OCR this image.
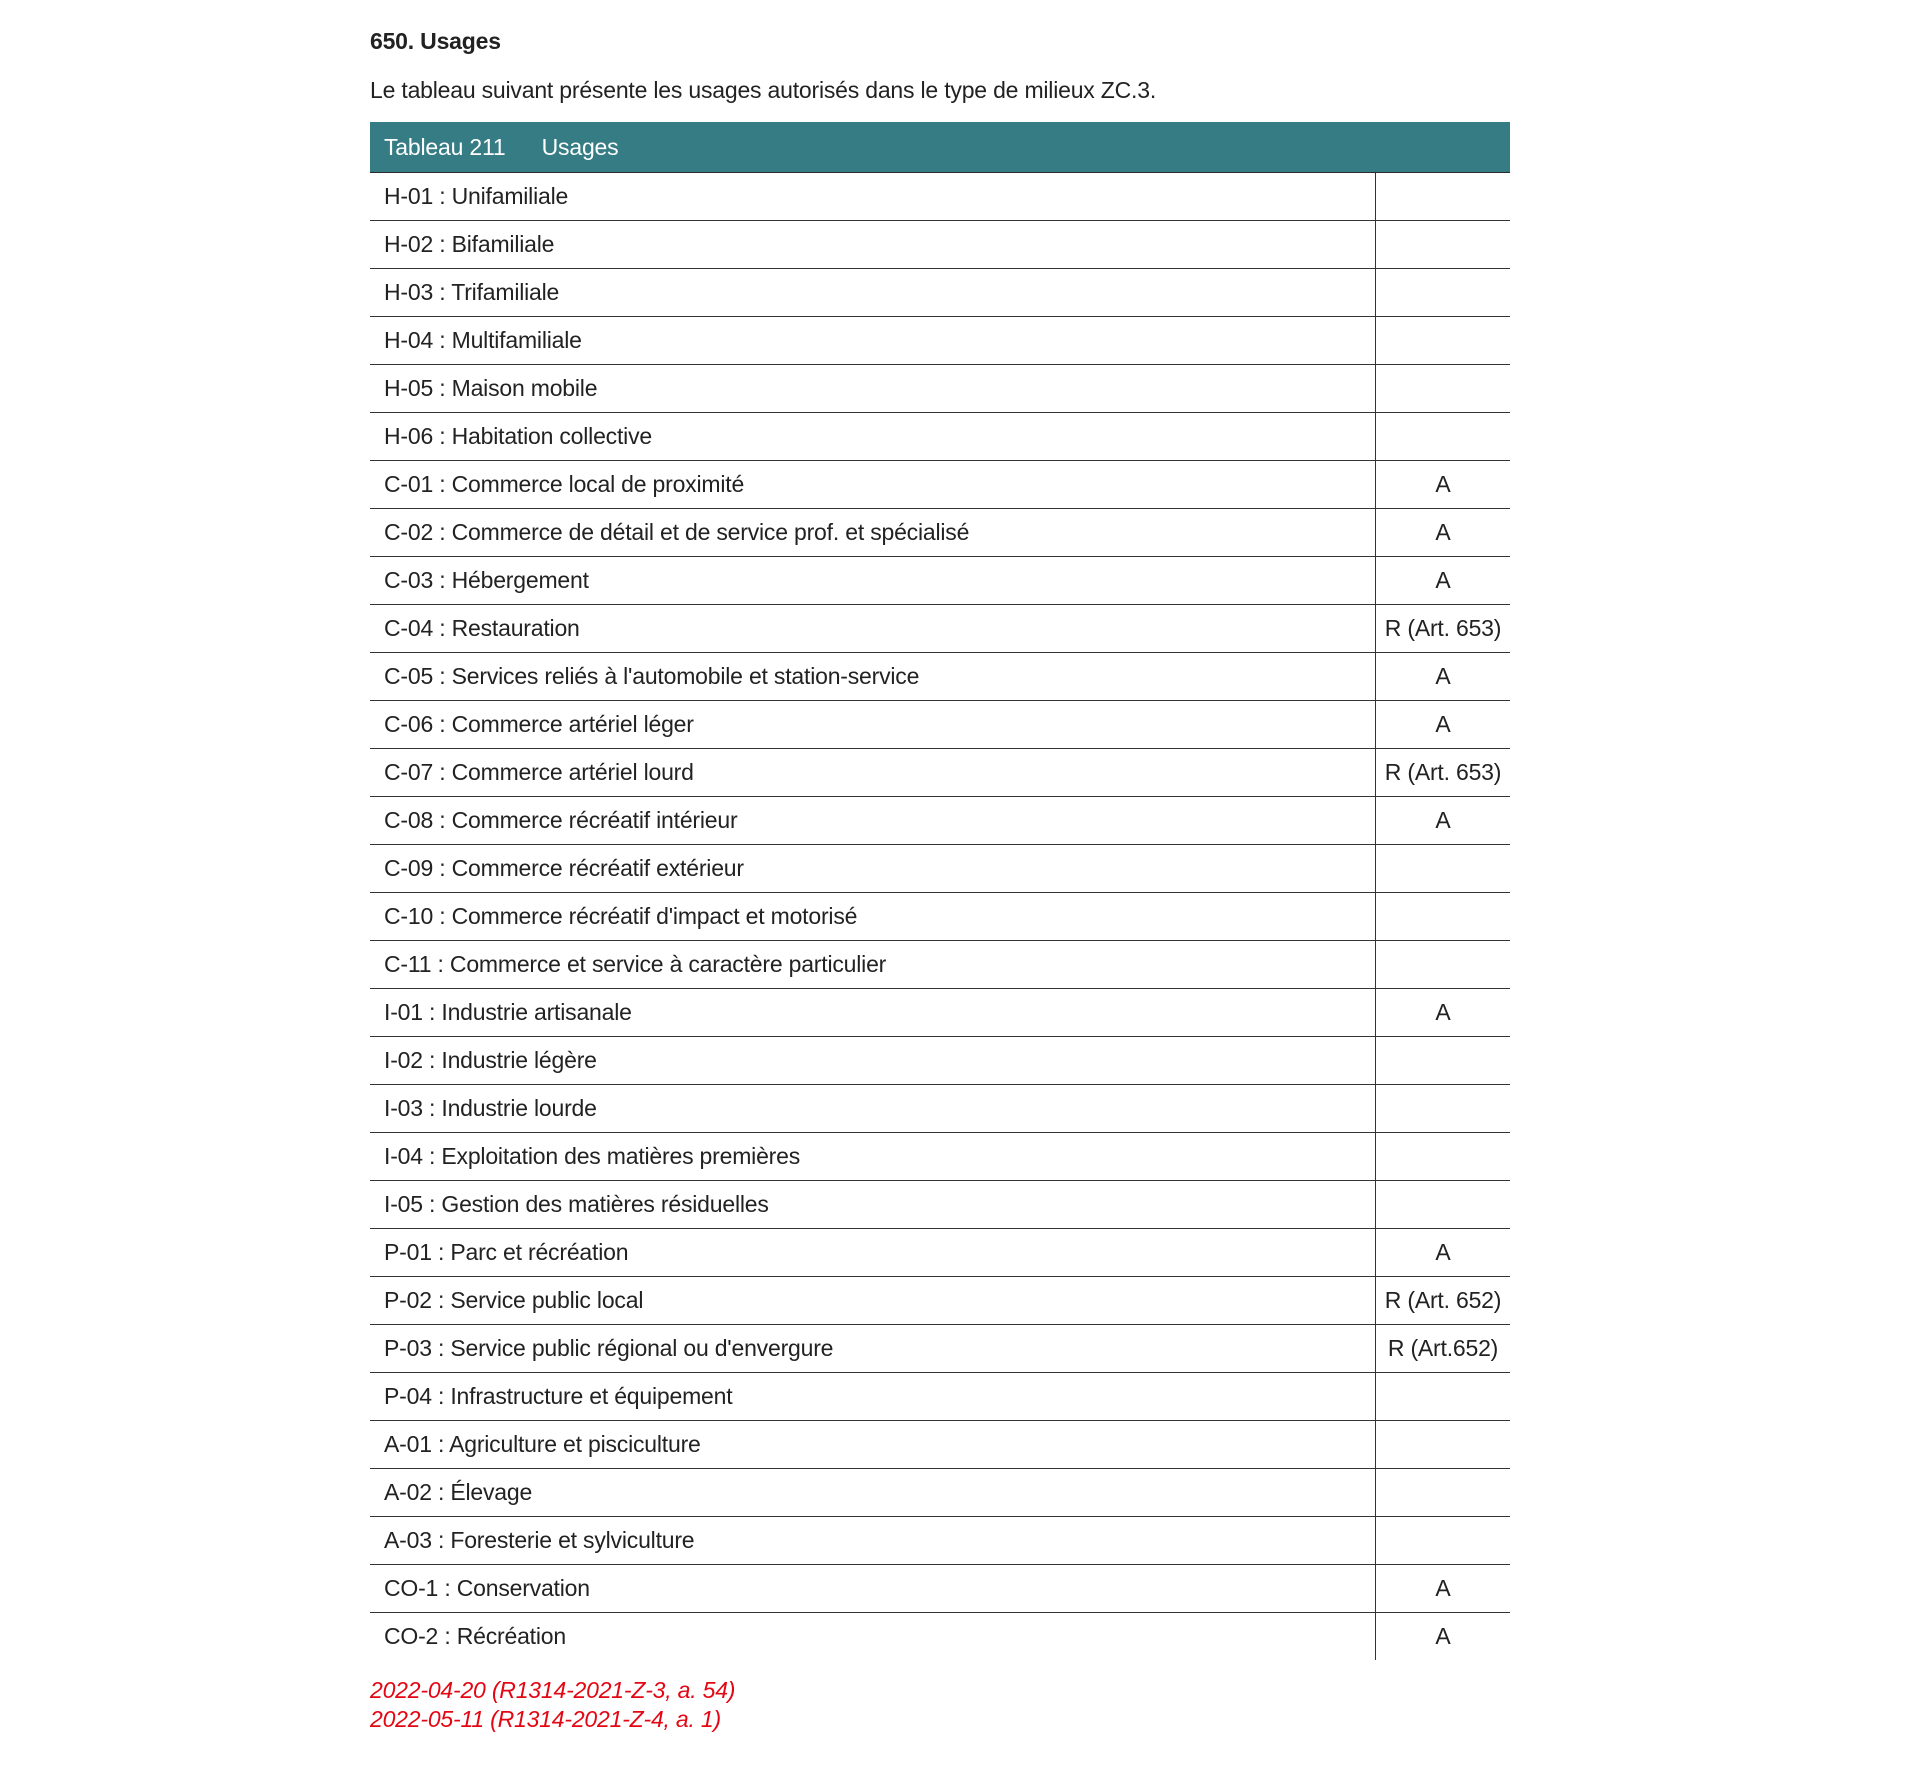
650. Usages

Le tableau suivant présente les usages autorisés dans le type de milieux ZC.3.

Tableau 211 Usages	
H-01 : Unifamiliale	
H-02 : Bifamiliale	
H-03 : Trifamiliale	
H-04 : Multifamiliale	
H-05 : Maison mobile	
H-06 : Habitation collective	
C-01 : Commerce local de proximité	A
C-02 : Commerce de détail et de service prof. et spécialisé	A
C-03 : Hébergement	A
C-04 : Restauration	R (Art. 653)
C-05 : Services reliés à l'automobile et station-service	A
C-06 : Commerce artériel léger	A
C-07 : Commerce artériel lourd	R (Art. 653)
C-08 : Commerce récréatif intérieur	A
C-09 : Commerce récréatif extérieur	
C-10 : Commerce récréatif d'impact et motorisé	
C-11 : Commerce et service à caractère particulier	
I-01 : Industrie artisanale	A
I-02 : Industrie légère	
I-03 : Industrie lourde	
I-04 : Exploitation des matières premières	
I-05 : Gestion des matières résiduelles	
P-01 : Parc et récréation	A
P-02 : Service public local	R (Art. 652)
P-03 : Service public régional ou d'envergure	R (Art.652)
P-04 : Infrastructure et équipement	
A-01 : Agriculture et pisciculture	
A-02 : Élevage	
A-03 : Foresterie et sylviculture	
CO-1 : Conservation	A
CO-2 : Récréation	A
2022-04-20 (R1314-2021-Z-3, a. 54)
2022-05-11 (R1314-2021-Z-4, a. 1)
